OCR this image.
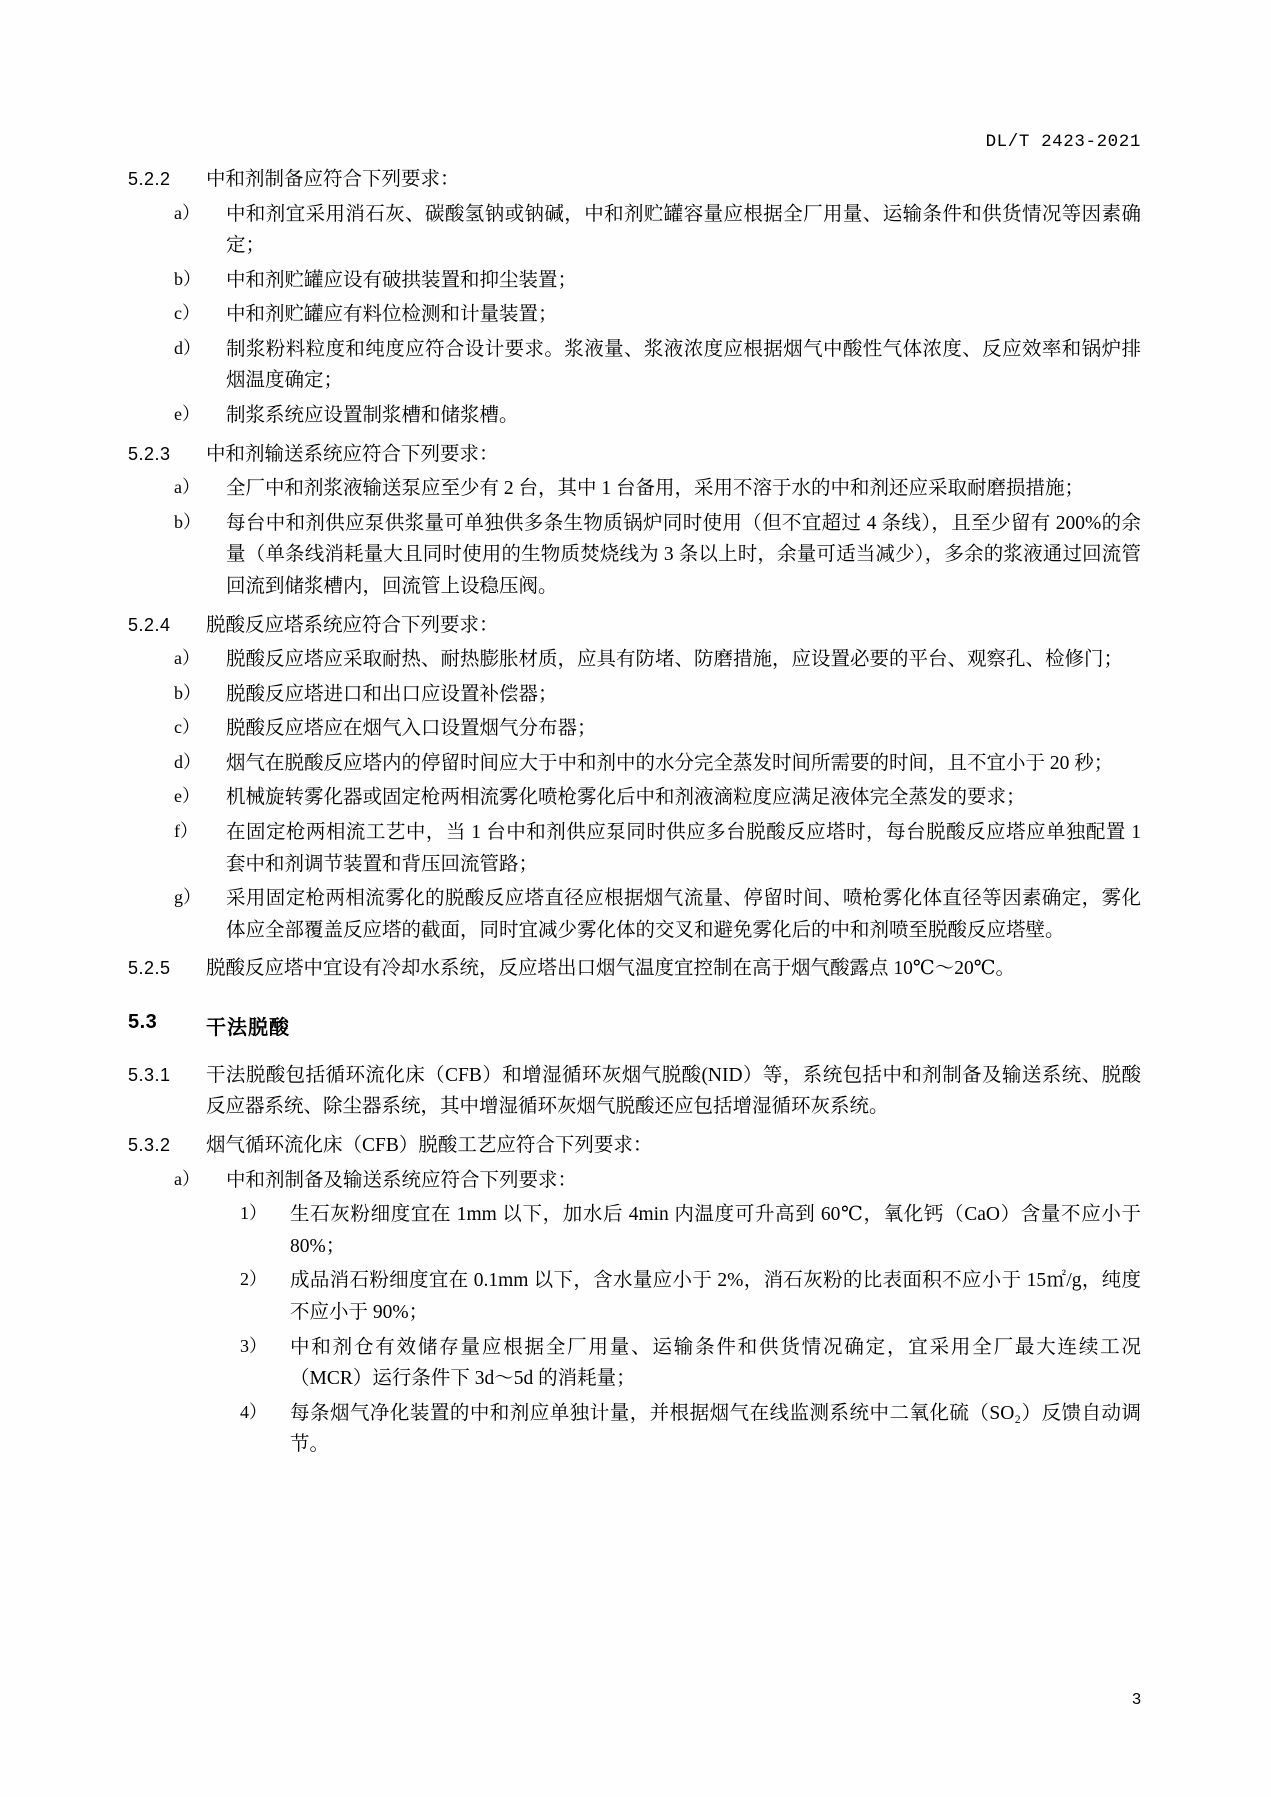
DL/T 2423-2021
5.2.2	中和剂制备应符合下列要求：
a）	中和剂宜采用消石灰、碳酸氢钠或钠碱，中和剂贮罐容量应根据全厂用量、运输条件和供货情况等因素确定；
b）	中和剂贮罐应设有破拱装置和抑尘装置；
c）	中和剂贮罐应有料位检测和计量装置；
d）	制浆粉料粒度和纯度应符合设计要求。浆液量、浆液浓度应根据烟气中酸性气体浓度、反应效率和锅炉排烟温度确定；
e）	制浆系统应设置制浆槽和储浆槽。
5.2.3	中和剂输送系统应符合下列要求：
a）	全厂中和剂浆液输送泵应至少有 2 台，其中 1 台备用，采用不溶于水的中和剂还应采取耐磨损措施；
b）	每台中和剂供应泵供浆量可单独供多条生物质锅炉同时使用（但不宜超过 4 条线），且至少留有 200%的余量（单条线消耗量大且同时使用的生物质焚烧线为 3 条以上时，余量可适当减少），多余的浆液通过回流管回流到储浆槽内，回流管上设稳压阀。
5.2.4	脱酸反应塔系统应符合下列要求：
a）	脱酸反应塔应采取耐热、耐热膨胀材质，应具有防堵、防磨措施，应设置必要的平台、观察孔、检修门；
b）	脱酸反应塔进口和出口应设置补偿器；
c）	脱酸反应塔应在烟气入口设置烟气分布器；
d）	烟气在脱酸反应塔内的停留时间应大于中和剂中的水分完全蒸发时间所需要的时间，且不宜小于 20 秒；
e）	机械旋转雾化器或固定枪两相流雾化喷枪雾化后中和剂液滴粒度应满足液体完全蒸发的要求；
f）	在固定枪两相流工艺中，当 1 台中和剂供应泵同时供应多台脱酸反应塔时，每台脱酸反应塔应单独配置 1 套中和剂调节装置和背压回流管路；
g）	采用固定枪两相流雾化的脱酸反应塔直径应根据烟气流量、停留时间、喷枪雾化体直径等因素确定，雾化体应全部覆盖反应塔的截面，同时宜减少雾化体的交叉和避免雾化后的中和剂喷至脱酸反应塔壁。
5.2.5	脱酸反应塔中宜设有冷却水系统，反应塔出口烟气温度宜控制在高于烟气酸露点 10℃～20℃。
5.3	干法脱酸
5.3.1	干法脱酸包括循环流化床（CFB）和增湿循环灰烟气脱酸(NID）等，系统包括中和剂制备及输送系统、脱酸反应器系统、除尘器系统，其中增湿循环灰烟气脱酸还应包括增湿循环灰系统。
5.3.2	烟气循环流化床（CFB）脱酸工艺应符合下列要求：
a）	中和剂制备及输送系统应符合下列要求：
1）	生石灰粉细度宜在 1mm 以下，加水后 4min 内温度可升高到 60℃，氧化钙（CaO）含量不应小于 80%；
2）	成品消石粉细度宜在 0.1mm 以下，含水量应小于 2%，消石灰粉的比表面积不应小于 15㎡/g，纯度不应小于 90%；
3）	中和剂仓有效储存量应根据全厂用量、运输条件和供货情况确定，宜采用全厂最大连续工况（MCR）运行条件下 3d～5d 的消耗量；
4）	每条烟气净化装置的中和剂应单独计量，并根据烟气在线监测系统中二氧化硫（SO₂）反馈自动调节。
3
